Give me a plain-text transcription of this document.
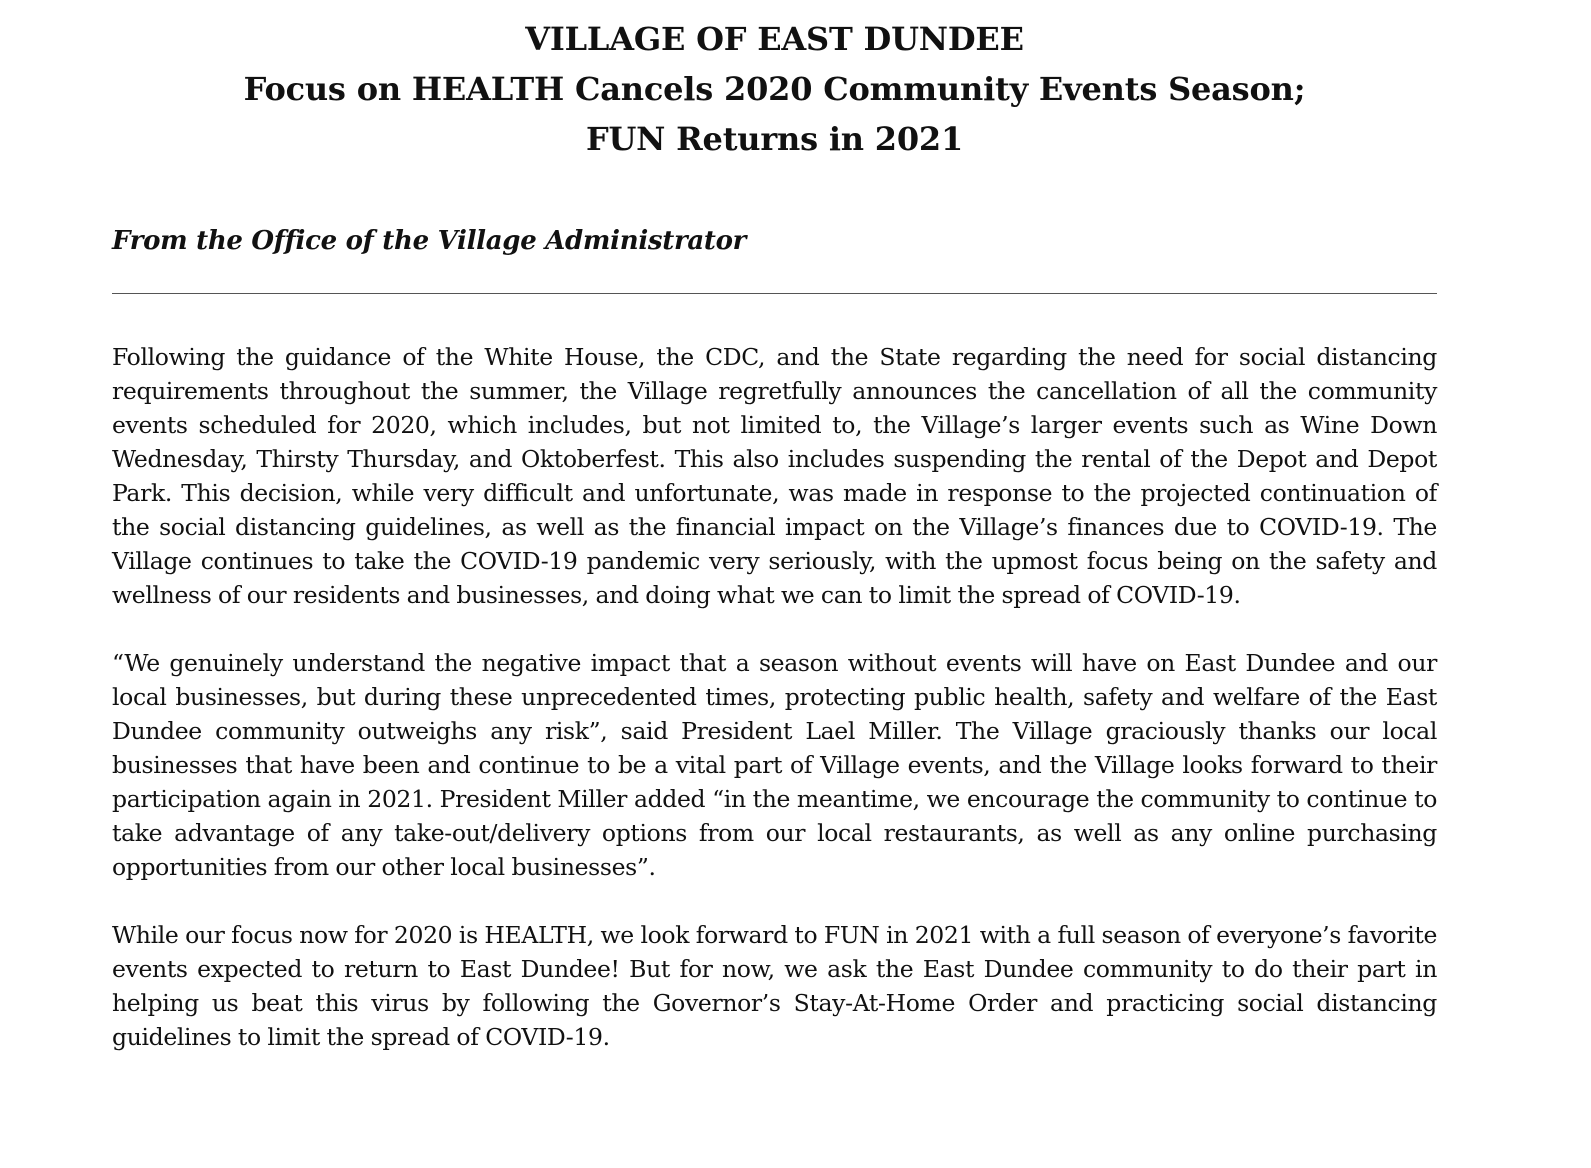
VILLAGE OF EAST DUNDEE

Focus on HEALTH Cancels 2020 Community Events Season;

FUN Returns in 2021

From the Office of the Village Administrator

Following the guidance of the White House, the CDC, and the State regarding the need for social distancing requirements throughout the summer, the Village regretfully announces the cancellation of all the community events scheduled for 2020, which includes, but not limited to, the Village’s larger events such as Wine Down Wednesday, Thirsty Thursday, and Oktoberfest. This also includes suspending the rental of the Depot and Depot Park. This decision, while very difficult and unfortunate, was made in response to the projected continuation of the social distancing guidelines, as well as the financial impact on the Village’s finances due to COVID-19. The Village continues to take the COVID-19 pandemic very seriously, with the upmost focus being on the safety and wellness of our residents and businesses, and doing what we can to limit the spread of COVID-19.

“We genuinely understand the negative impact that a season without events will have on East Dundee and our local businesses, but during these unprecedented times, protecting public health, safety and welfare of the East Dundee community outweighs any risk”, said President Lael Miller. The Village graciously thanks our local businesses that have been and continue to be a vital part of Village events, and the Village looks forward to their participation again in 2021. President Miller added “in the meantime, we encourage the community to continue to take advantage of any take-out/delivery options from our local restaurants, as well as any online purchasing opportunities from our other local businesses”.

While our focus now for 2020 is HEALTH, we look forward to FUN in 2021 with a full season of everyone’s favorite events expected to return to East Dundee! But for now, we ask the East Dundee community to do their part in helping us beat this virus by following the Governor’s Stay-At-Home Order and practicing social distancing guidelines to limit the spread of COVID-19.
